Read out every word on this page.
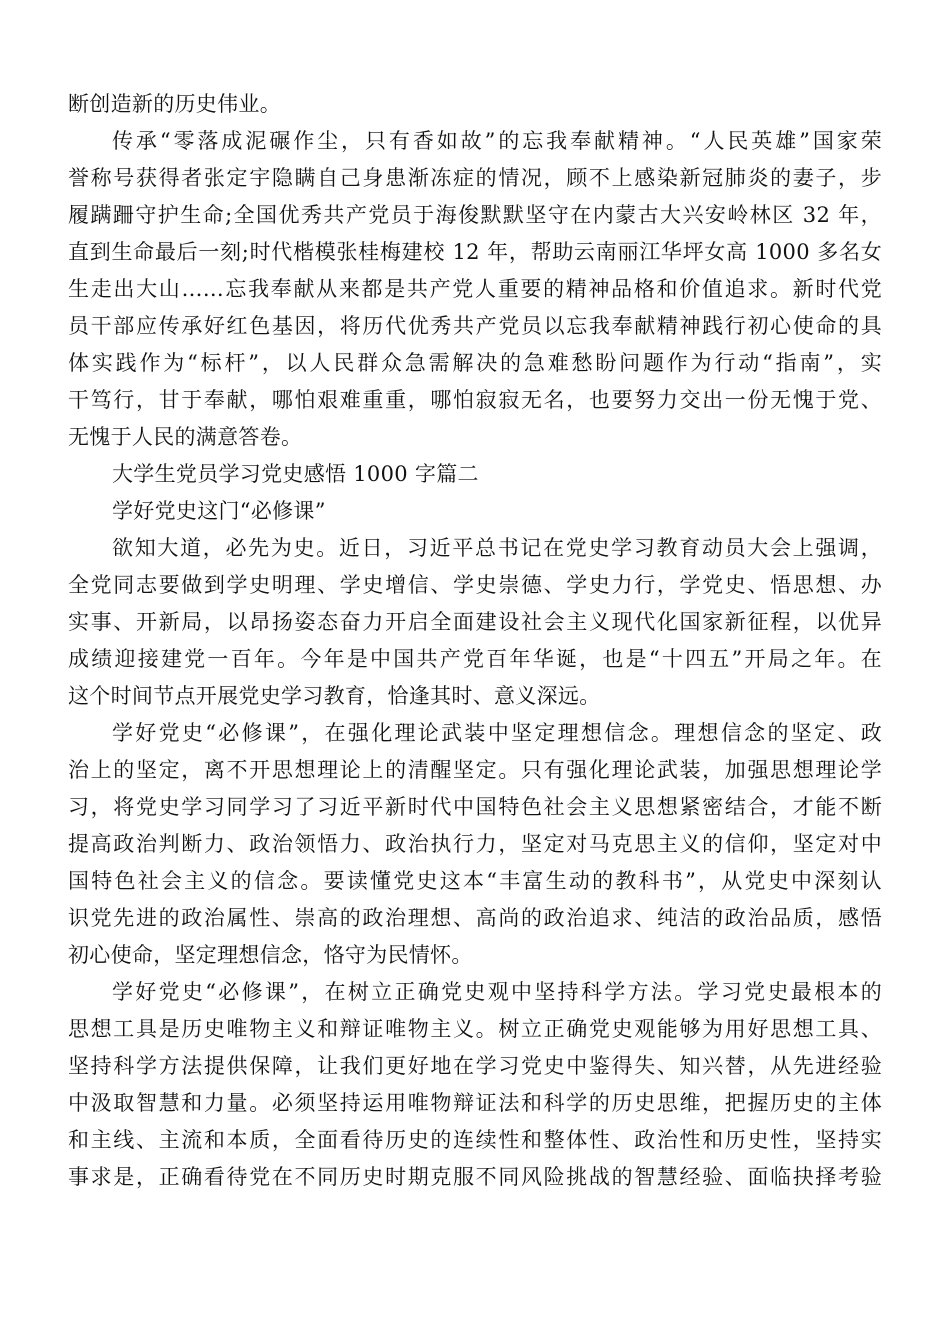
断创造新的历史伟业。
传承“零落成泥碾作尘，只有香如故”的忘我奉献精神。“人民英雄”国家荣
誉称号获得者张定宇隐瞒自己身患渐冻症的情况，顾不上感染新冠肺炎的妻子，步
履蹒跚守护生命;全国优秀共产党员于海俊默默坚守在内蒙古大兴安岭林区 32 年，
直到生命最后一刻;时代楷模张桂梅建校 12 年，帮助云南丽江华坪女高 1000 多名女
生走出大山……忘我奉献从来都是共产党人重要的精神品格和价值追求。新时代党
员干部应传承好红色基因，将历代优秀共产党员以忘我奉献精神践行初心使命的具
体实践作为“标杆”，以人民群众急需解决的急难愁盼问题作为行动“指南”，实
干笃行，甘于奉献，哪怕艰难重重，哪怕寂寂无名，也要努力交出一份无愧于党、
无愧于人民的满意答卷。
大学生党员学习党史感悟 1000 字篇二
学好党史这门“必修课”
欲知大道，必先为史。近日，习近平总书记在党史学习教育动员大会上强调，
全党同志要做到学史明理、学史增信、学史崇德、学史力行，学党史、悟思想、办
实事、开新局，以昂扬姿态奋力开启全面建设社会主义现代化国家新征程，以优异
成绩迎接建党一百年。今年是中国共产党百年华诞，也是“十四五”开局之年。在
这个时间节点开展党史学习教育，恰逢其时、意义深远。
学好党史“必修课”，在强化理论武装中坚定理想信念。理想信念的坚定、政
治上的坚定，离不开思想理论上的清醒坚定。只有强化理论武装，加强思想理论学
习，将党史学习同学习了习近平新时代中国特色社会主义思想紧密结合，才能不断
提高政治判断力、政治领悟力、政治执行力，坚定对马克思主义的信仰，坚定对中
国特色社会主义的信念。要读懂党史这本“丰富生动的教科书”，从党史中深刻认
识党先进的政治属性、崇高的政治理想、高尚的政治追求、纯洁的政治品质，感悟
初心使命，坚定理想信念，恪守为民情怀。
学好党史“必修课”，在树立正确党史观中坚持科学方法。学习党史最根本的
思想工具是历史唯物主义和辩证唯物主义。树立正确党史观能够为用好思想工具、
坚持科学方法提供保障，让我们更好地在学习党史中鉴得失、知兴替，从先进经验
中汲取智慧和力量。必须坚持运用唯物辩证法和科学的历史思维，把握历史的主体
和主线、主流和本质，全面看待历史的连续性和整体性、政治性和历史性，坚持实
事求是，正确看待党在不同历史时期克服不同风险挑战的智慧经验、面临抉择考验
